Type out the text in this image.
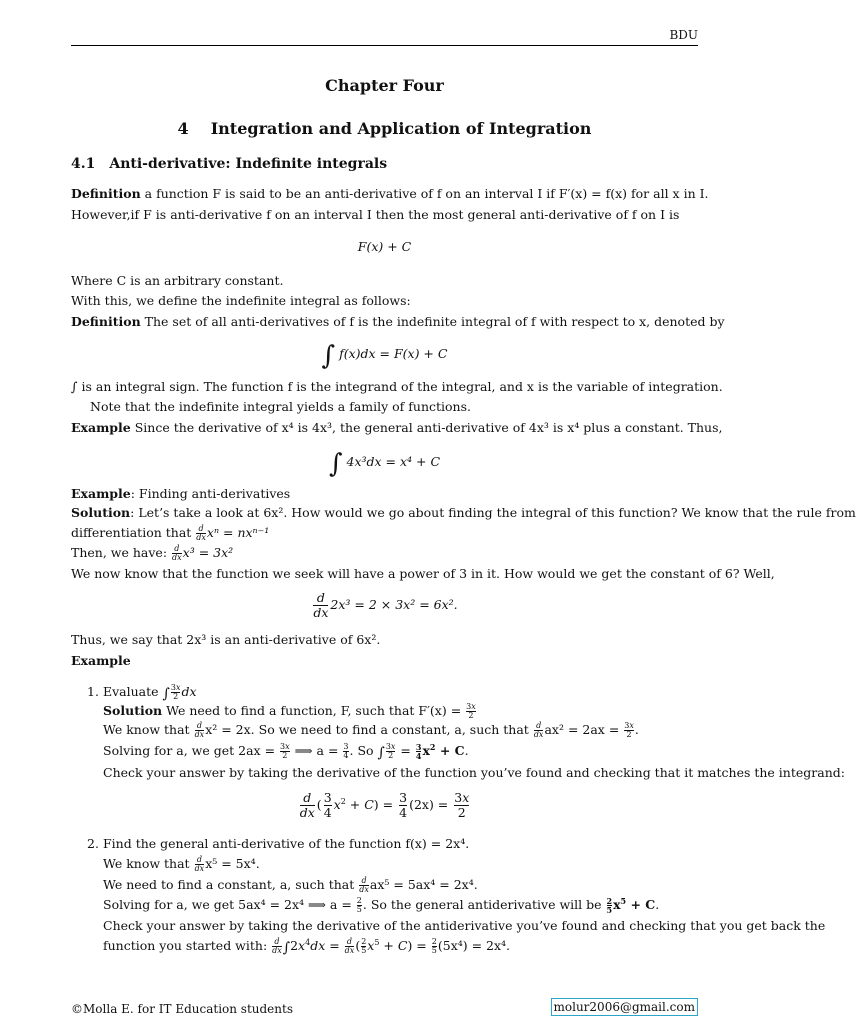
BDU
Chapter Four
4 Integration and Application of Integration
4.1 Anti-derivative: Indefinite integrals
Definition a function F is said to be an anti-derivative of f on an interval I if F′(x) = f(x) for all x in I.
However,if F is anti-derivative f on an interval I then the most general anti-derivative of f on I is
F(x) + C
Where C is an arbitrary constant.
With this, we define the indefinite integral as follows:
Definition The set of all anti-derivatives of f is the indefinite integral of f with respect to x, denoted by
∫ f(x)dx = F(x) + C
∫ is an integral sign. The function f is the integrand of the integral, and x is the variable of integration.
Note that the indefinite integral yields a family of functions.
Example Since the derivative of x⁴ is 4x³, the general anti-derivative of 4x³ is x⁴ plus a constant. Thus,
∫ 4x³dx = x⁴ + C
Example: Finding anti-derivatives
Solution: Let’s take a look at 6x². How would we go about finding the integral of this function? We know that the rule from
differentiation that $\frac{d}{dx}$ xⁿ = nxⁿ⁻¹
Then, we have: $\frac{d}{dx} x^3 = 3x^2$
We now know that the function we seek will have a power of 3 in it. How would we get the constant of 6? Well,
$\frac{d}{dx} 2x^3 = 2 \times 3x^2 = 6x^2$.
Thus, we say that 2x³ is an anti-derivative of 6x².
Example
1. Evaluate ∫ $\frac{3x}{2}$ dx
Solution We need to find a function, F, such that $F'(x) = \frac{3x}{2}$
We know that $\frac{d}{dx} x^2 = 2x$. So we need to find a constant, a, such that $\frac{d}{dx} ax^2 = 2ax = \frac{3x}{2}$ .
Solving for a, we get $2ax = \frac{3x}{2}$ ⟹ $a = \frac{3}{4}$ . So ∫ $\frac{3x}{2} = \frac{3}{4} x^2 + C$.
Check your answer by taking the derivative of the function you’ve found and checking that it matches the integrand:
$\frac{d}{dx}$ ( $\frac{3}{4} x^2 + C) = \frac{3}{4} (2x) = \frac{3x}{2}$
2. Find the general anti-derivative of the function f(x) = 2x⁴.
We know that $\frac{d}{dx} x^5 = 5x^4$.
We need to find a constant, a, such that $\frac{d}{dx} ax^5 = 5ax^4 = 2x^4$.
Solving for a, we get 5ax⁴ = 2x⁴ ⟹ $a = \frac{2}{5}$ . So the general antiderivative will be $\frac{2}{5} x^5 + C$.
Check your answer by taking the derivative of the antiderivative you’ve found and checking that you get back the
function you started with: $\frac{d}{dx} \int 2x^4dx = \frac{d}{dx}$ ( $\frac{2}{5} x^5 + C) = \frac{2}{5} (5x^4) = 2x^4$.
©Molla E. for IT Education students	molur2006@gmail.com
